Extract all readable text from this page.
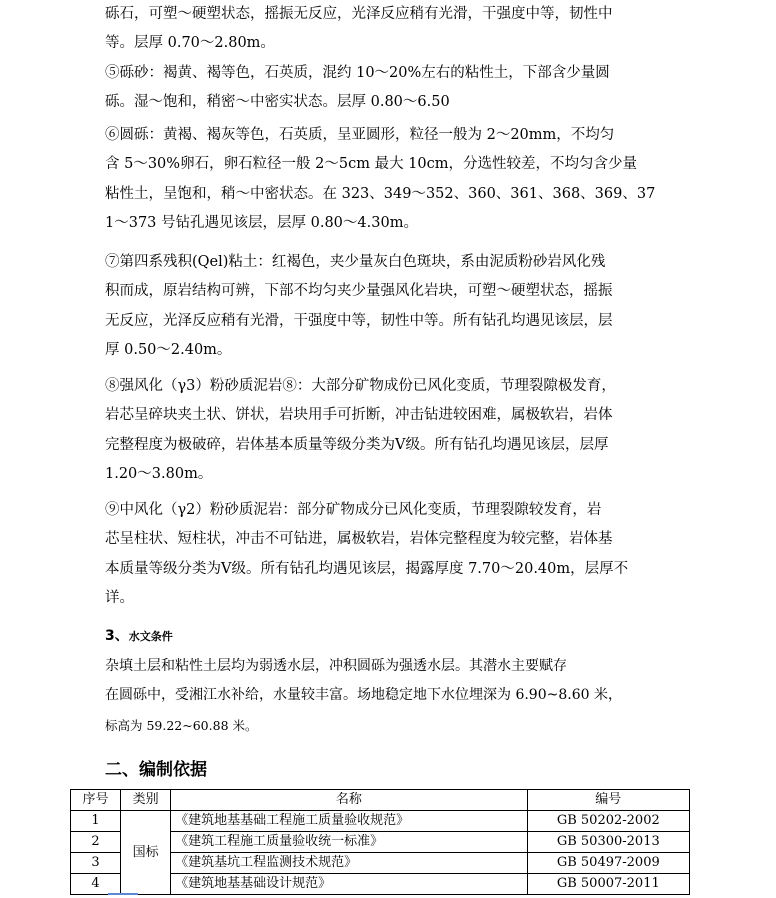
砾石，可塑～硬塑状态，摇振无反应，光泽反应稍有光滑，干强度中等，韧性中
等。层厚 0.70～2.80m。
⑤砾砂：褐黄、褐等色，石英质，混约 10～20%左右的粘性土，下部含少量圆
砾。湿～饱和，稍密～中密实状态。层厚 0.80～6.50
⑥圆砾：黄褐、褐灰等色，石英质，呈亚圆形，粒径一般为 2～20mm，不均匀
含 5～30%卵石，卵石粒径一般 2～5cm 最大 10cm，分选性较差，不均匀含少量
粘性土，呈饱和，稍～中密状态。在 323、349～352、360、361、368、369、37
1～373 号钻孔遇见该层，层厚 0.80～4.30m。
⑦第四系残积(Qel)粘土：红褐色，夹少量灰白色斑块，系由泥质粉砂岩风化残
积而成，原岩结构可辨，下部不均匀夹少量强风化岩块，可塑～硬塑状态，摇振
无反应，光泽反应稍有光滑，干强度中等，韧性中等。所有钻孔均遇见该层，层
厚 0.50～2.40m。
⑧强风化（γ3）粉砂质泥岩⑧：大部分矿物成份已风化变质，节理裂隙极发育，
岩芯呈碎块夹土状、饼状，岩块用手可折断，冲击钻进较困难，属极软岩，岩体
完整程度为极破碎，岩体基本质量等级分类为Ⅴ级。所有钻孔均遇见该层，层厚
1.20～3.80m。
⑨中风化（γ2）粉砂质泥岩：部分矿物成分已风化变质，节理裂隙较发育，岩
芯呈柱状、短柱状，冲击不可钻进，属极软岩，岩体完整程度为较完整，岩体基
本质量等级分类为Ⅴ级。所有钻孔均遇见该层，揭露厚度 7.70～20.40m，层厚不
详。
3、水文条件
杂填土层和粘性土层均为弱透水层，冲积圆砾为强透水层。其潜水主要赋存
在圆砾中，受湘江水补给，水量较丰富。场地稳定地下水位埋深为 6.90~8.60 米，
标高为 59.22~60.88 米。
二、编制依据
序号	类别	名称	编号
1	国标	《建筑地基基础工程施工质量验收规范》	GB 50202-2002
2		《建筑工程施工质量验收统一标准》	GB 50300-2013
3		《建筑基坑工程监测技术规范》	GB 50497-2009
4		《建筑地基基础设计规范》	GB 50007-2011
